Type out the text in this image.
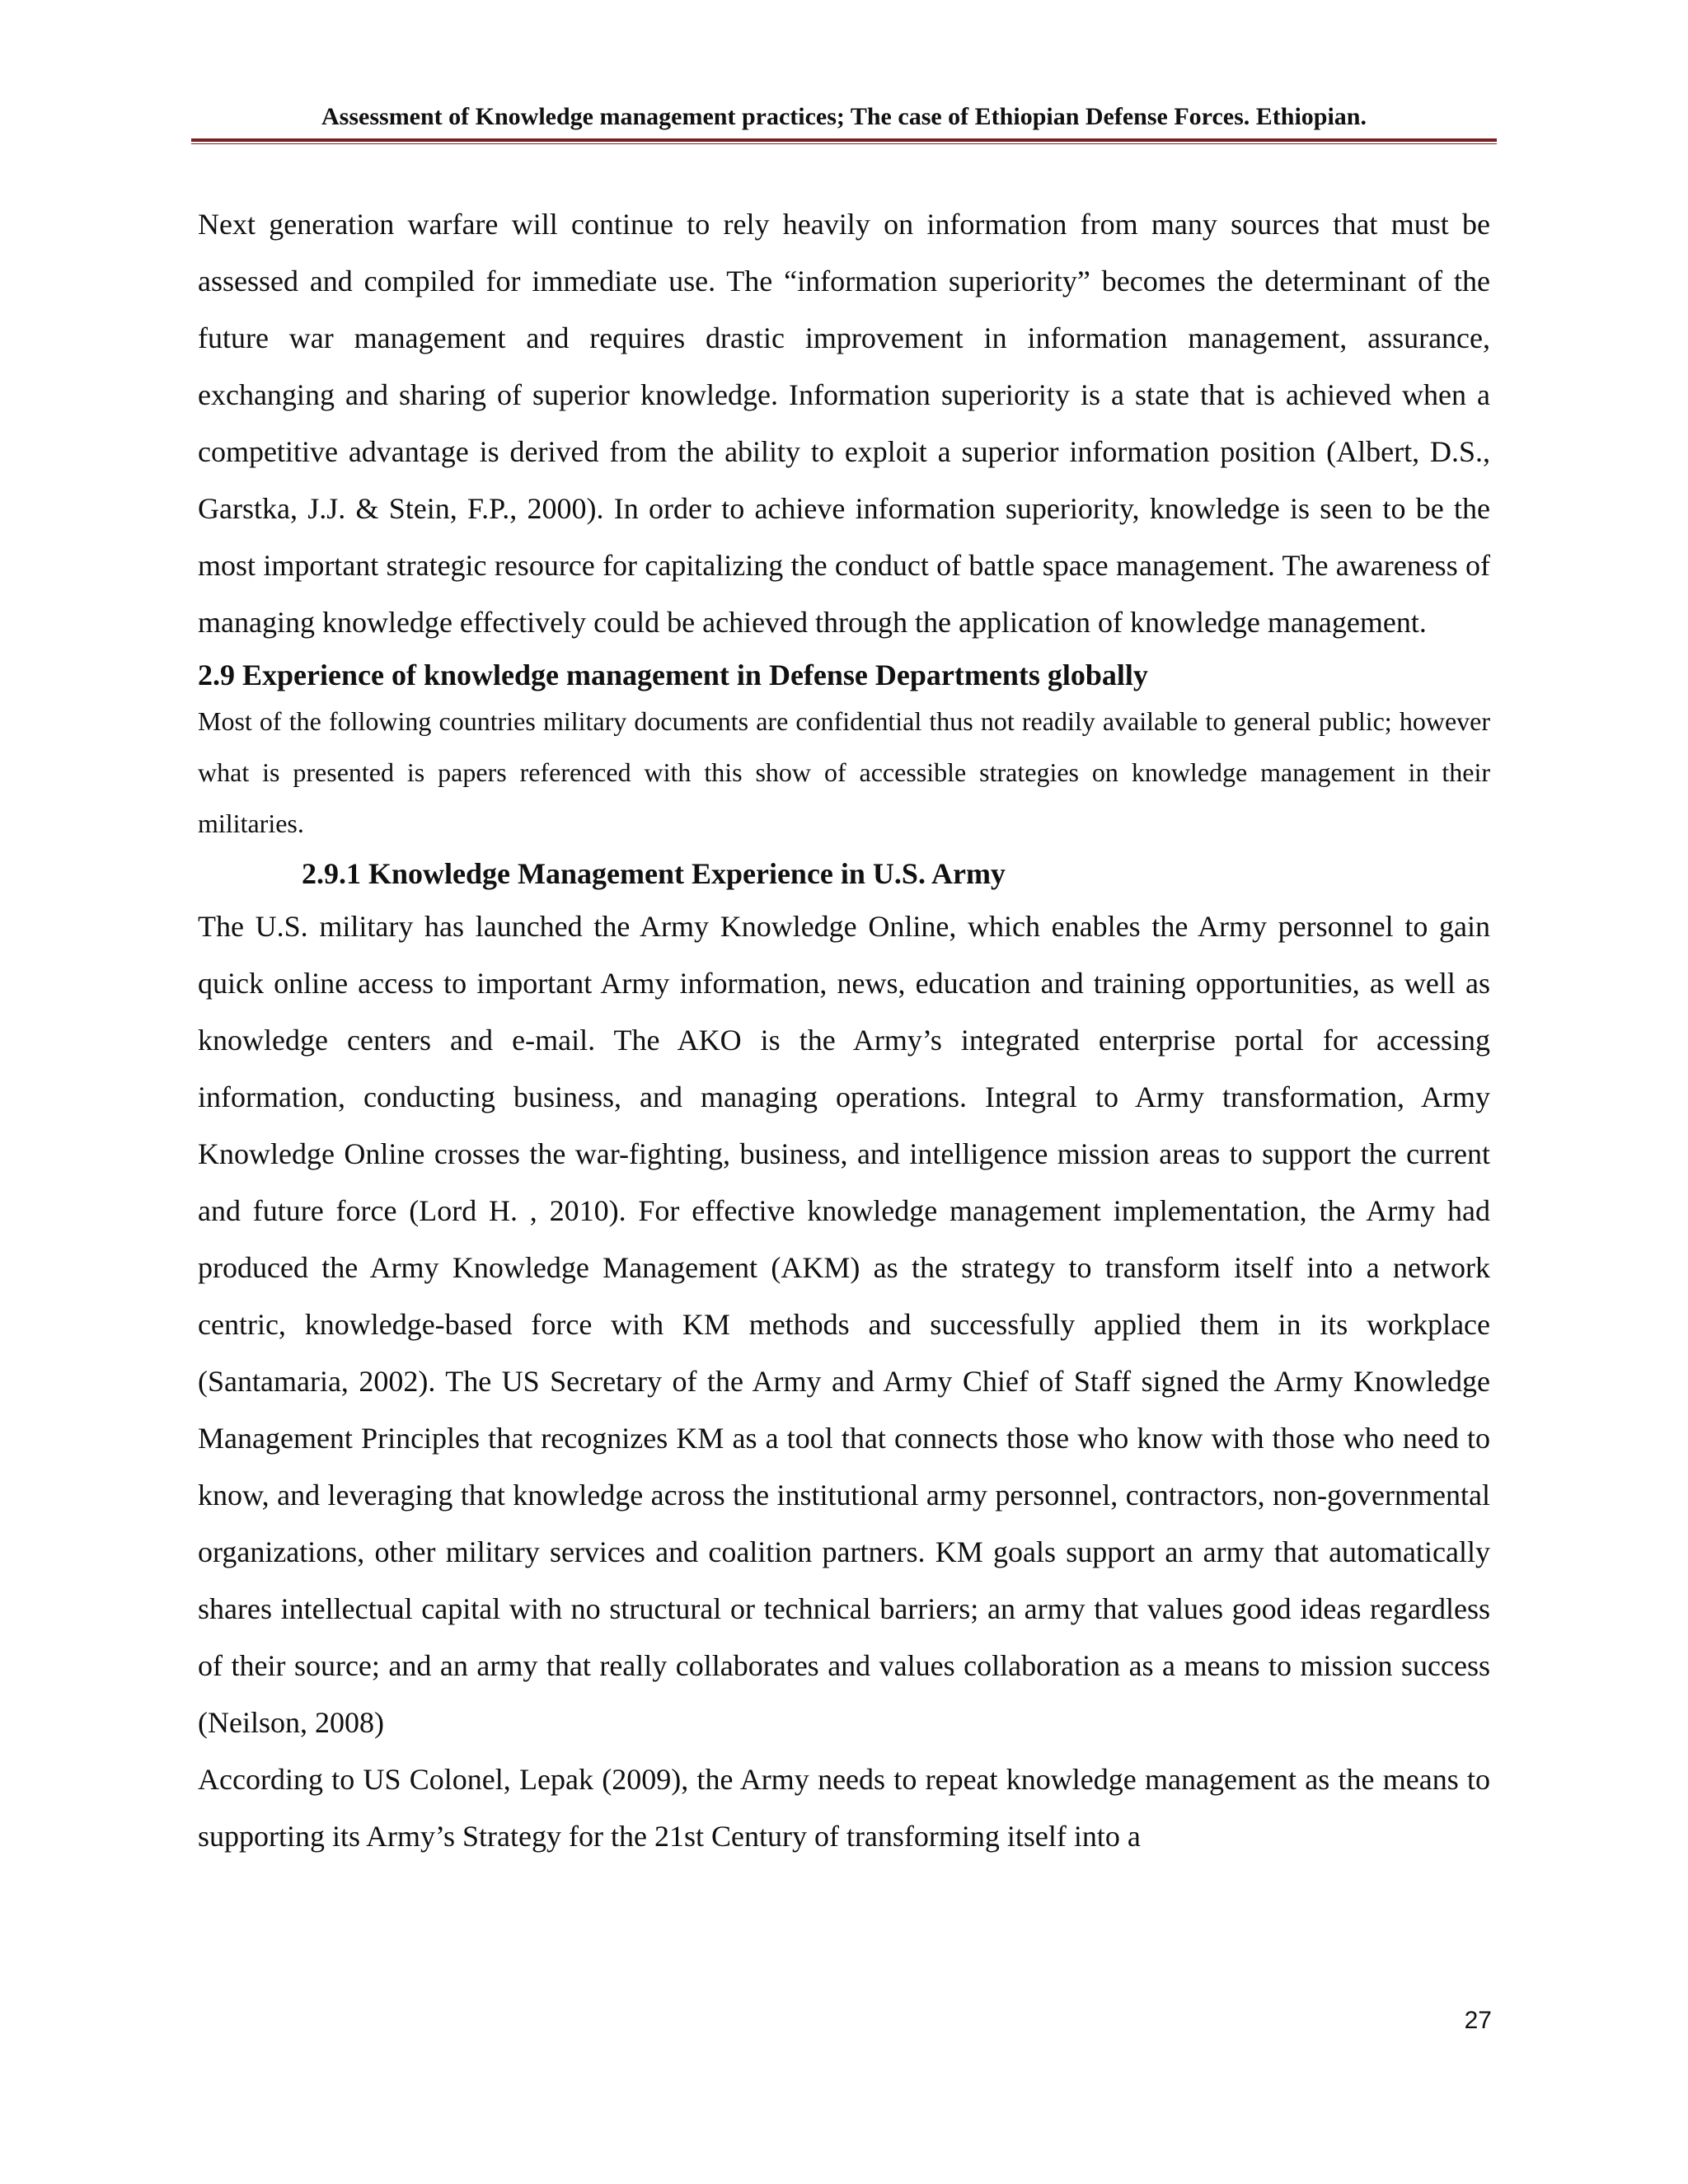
Assessment of Knowledge management practices; The case of Ethiopian Defense Forces. Ethiopian.

Next generation warfare will continue to rely heavily on information from many sources that must be assessed and compiled for immediate use. The “information superiority” becomes the determinant of the future war management and requires drastic improvement in information management, assurance, exchanging and sharing of superior knowledge. Information superiority is a state that is achieved when a competitive advantage is derived from the ability to exploit a superior information position (Albert, D.S., Garstka, J.J. & Stein, F.P., 2000). In order to achieve information superiority, knowledge is seen to be the most important strategic resource for capitalizing the conduct of battle space management. The awareness of managing knowledge effectively could be achieved through the application of knowledge management.

2.9 Experience of knowledge management in Defense Departments globally

Most of the following countries military documents are confidential thus not readily available to general public; however what is presented is papers referenced with this show of accessible strategies on knowledge management in their militaries.

2.9.1 Knowledge Management Experience in U.S. Army

The U.S. military has launched the Army Knowledge Online, which enables the Army personnel to gain quick online access to important Army information, news, education and training opportunities, as well as knowledge centers and e-mail. The AKO is the Army’s integrated enterprise portal for accessing information, conducting business, and managing operations. Integral to Army transformation, Army Knowledge Online crosses the war-fighting, business, and intelligence mission areas to support the current and future force (Lord H. , 2010). For effective knowledge management implementation, the Army had produced the Army Knowledge Management (AKM) as the strategy to transform itself into a network centric, knowledge-based force with KM methods and successfully applied them in its workplace (Santamaria, 2002). The US Secretary of the Army and Army Chief of Staff signed the Army Knowledge Management Principles that recognizes KM as a tool that connects those who know with those who need to know, and leveraging that knowledge across the institutional army personnel, contractors, non-governmental organizations, other military services and coalition partners. KM goals support an army that automatically shares intellectual capital with no structural or technical barriers; an army that values good ideas regardless of their source; and an army that really collaborates and values collaboration as a means to mission success (Neilson, 2008)

According to US Colonel, Lepak (2009), the Army needs to repeat knowledge management as the means to supporting its Army’s Strategy for the 21st Century of transforming itself into a

27
